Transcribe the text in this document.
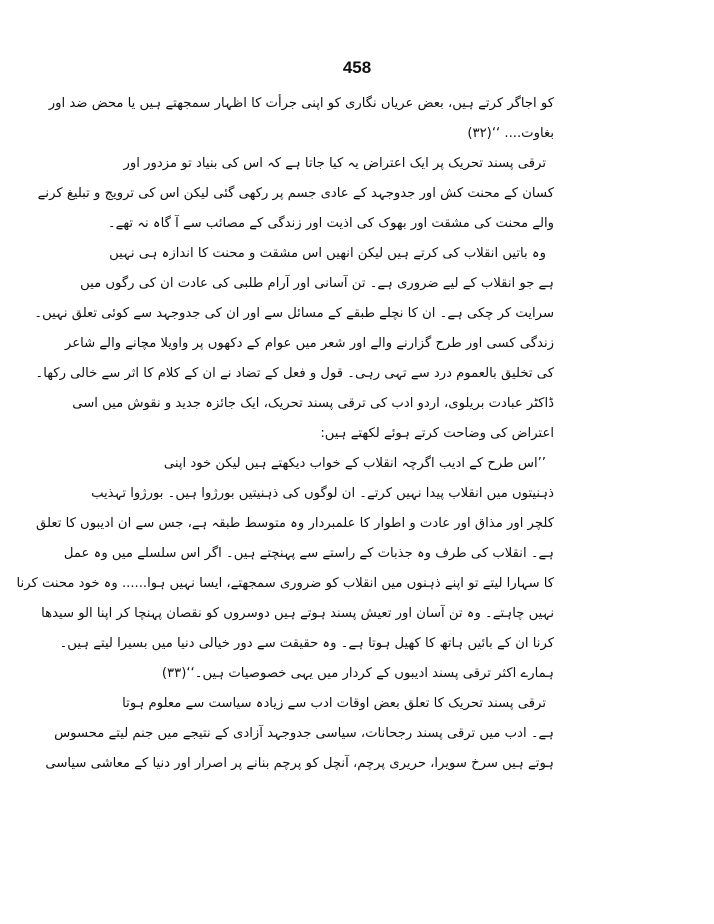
458
کو اجاگر کرتے ہیں، بعض عریاں نگاری کو اپنی جرأت کا اظہار سمجھتے ہیں یا محض ضد اور
بغاوت.... ‘‘(۳۲)
ترقی پسند تحریک پر ایک اعتراض یہ کیا جاتا ہے کہ اس کی بنیاد تو مزدور اور
کسان کے محنت کش اور جدوجہد کے عادی جسم پر رکھی گئی لیکن اس کی ترویج و تبلیغ کرنے
والے محنت کی مشقت اور بھوک کی اذیت اور زندگی کے مصائب سے آ گاہ نہ تھے۔
وہ باتیں انقلاب کی کرتے ہیں لیکن انھیں اس مشقت و محنت کا اندازہ ہی نہیں
ہے جو انقلاب کے لیے ضروری ہے۔ تن آسانی اور آرام طلبی کی عادت ان کی رگوں میں
سرایت کر چکی ہے۔ ان کا نچلے طبقے کے مسائل سے اور ان کی جدوجہد سے کوئی تعلق نہیں۔
زندگی کسی اور طرح گزارنے والے اور شعر میں عوام کے دکھوں پر واویلا مچانے والے شاعر
کی تخلیق بالعموم درد سے تہی رہی۔ قول و فعل کے تضاد نے ان کے کلام کا اثر سے خالی رکھا۔
ڈاکٹر عبادت بریلوی، اردو ادب کی ترقی پسند تحریک، ایک جائزہ جدید و نقوش میں اسی
اعتراض کی وضاحت کرتے ہوئے لکھتے ہیں:
’’اس طرح کے ادیب اگرچہ انقلاب کے خواب دیکھتے ہیں لیکن خود اپنی
ذہنیتوں میں انقلاب پیدا نہیں کرتے۔ ان لوگوں کی ذہنیتیں بورژوا ہیں۔ بورژوا تہذیب
کلچر اور مذاق اور عادت و اطوار کا علمبردار وہ متوسط طبقہ ہے، جس سے ان ادیبوں کا تعلق
ہے۔ انقلاب کی طرف وہ جذبات کے راستے سے پہنچتے ہیں۔ اگر اس سلسلے میں وہ عمل
کا سہارا لیتے تو اپنے ذہنوں میں انقلاب کو ضروری سمجھتے، ایسا نہیں ہوا...... وہ خود محنت کرنا
نہیں چاہتے۔ وہ تن آسان اور تعیش پسند ہوتے ہیں دوسروں کو نقصان پہنچا کر اپنا الو سیدھا
کرنا ان کے بائیں ہاتھ کا کھیل ہوتا ہے۔ وہ حقیقت سے دور خیالی دنیا میں بسیرا لیتے ہیں۔
ہمارے اکثر ترقی پسند ادیبوں کے کردار میں یہی خصوصیات ہیں۔‘‘(۳۳)
ترقی پسند تحریک کا تعلق بعض اوقات ادب سے زیادہ سیاست سے معلوم ہوتا
ہے۔ ادب میں ترقی پسند رجحانات، سیاسی جدوجہد آزادی کے نتیجے میں جنم لیتے محسوس
ہوتے ہیں سرخ سویرا، حریری پرچم، آنچل کو پرچم بنانے پر اصرار اور دنیا کے معاشی سیاسی
